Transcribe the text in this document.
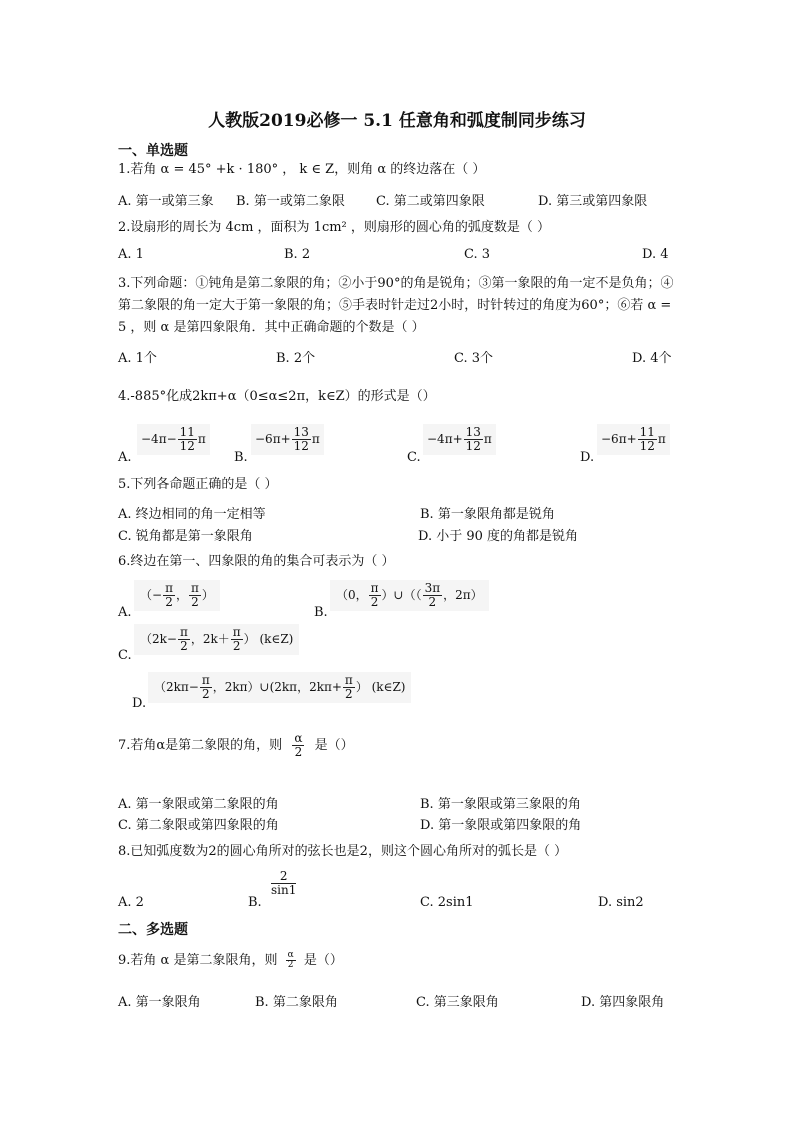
人教版2019必修一 5.1 任意角和弧度制同步练习
一、单选题
1.若角 α = 45° +k · 180° ， k ∈ Z，则角 α 的终边落在（ ）
A. 第一或第三象 B. 第一或第二象限 C. 第二或第四象限	D. 第三或第四象限
2.设扇形的周长为 4cm ，面积为 1cm² ，则扇形的圆心角的弧度数是（ ）
A. 1	B. 2	C. 3	D. 4
3.下列命题：①钝角是第二象限的角；②小于90°的角是锐角；③第一象限的角一定不是负角；④第二象限的角一定大于第一象限的角；⑤手表时针走过2小时，时针转过的角度为60°；⑥若 α = 5 ，则 α 是第四象限角．其中正确命题的个数是（ ）
A. 1个	B. 2个	C. 3个	D. 4个
4.-885°化成2kπ+α（0≤α≤2π，k∈Z）的形式是（）
A.
$-4\pi- \frac{11}{12}$ π
B.
$-6\pi+ \frac{13}{12}$ π
C.
$-4\pi+ \frac{13}{12}$ π
D.
$-6\pi+ \frac{11}{12}$ π
5.下列各命题正确的是（ ）
A. 终边相同的角一定相等	B. 第一象限角都是锐角
C. 锐角都是第一象限角	D. 小于 90 度的角都是锐角
6.终边在第一、四象限的角的集合可表示为（ ）
A.
（− $\frac{\pi}{2}$ ， $\frac{\pi}{2}$ ）
B.
（0， $\frac{\pi}{2}$ ）∪（（ $\frac{3\pi}{2}$ ，2π）
C.
（$2k- \frac{\pi}{2}$ ，$2k+ \frac{\pi}{2}$ ） (k∈Z)
D.
（$2k\pi- \frac{\pi}{2}$ ，2kπ）∪(2kπ，$2k\pi+ \frac{\pi}{2}$ ） (k∈Z)
7.若角α是第二象限的角，则 $\frac{\alpha}{2}$ 是（）
A. 第一象限或第二象限的角	B. 第一象限或第三象限的角
C. 第二象限或第四象限的角	D. 第一象限或第四象限的角
8.已知弧度数为2的圆心角所对的弦长也是2，则这个圆心角所对的弧长是（ ）
A. 2	B.
$\frac{2}{\sin 1}$
C. 2sin1	D. sin2
二、多选题
9.若角 α 是第二象限角，则 $\frac{\alpha}{2}$ 是（）
A. 第一象限角	B. 第二象限角	C. 第三象限角	D. 第四象限角
